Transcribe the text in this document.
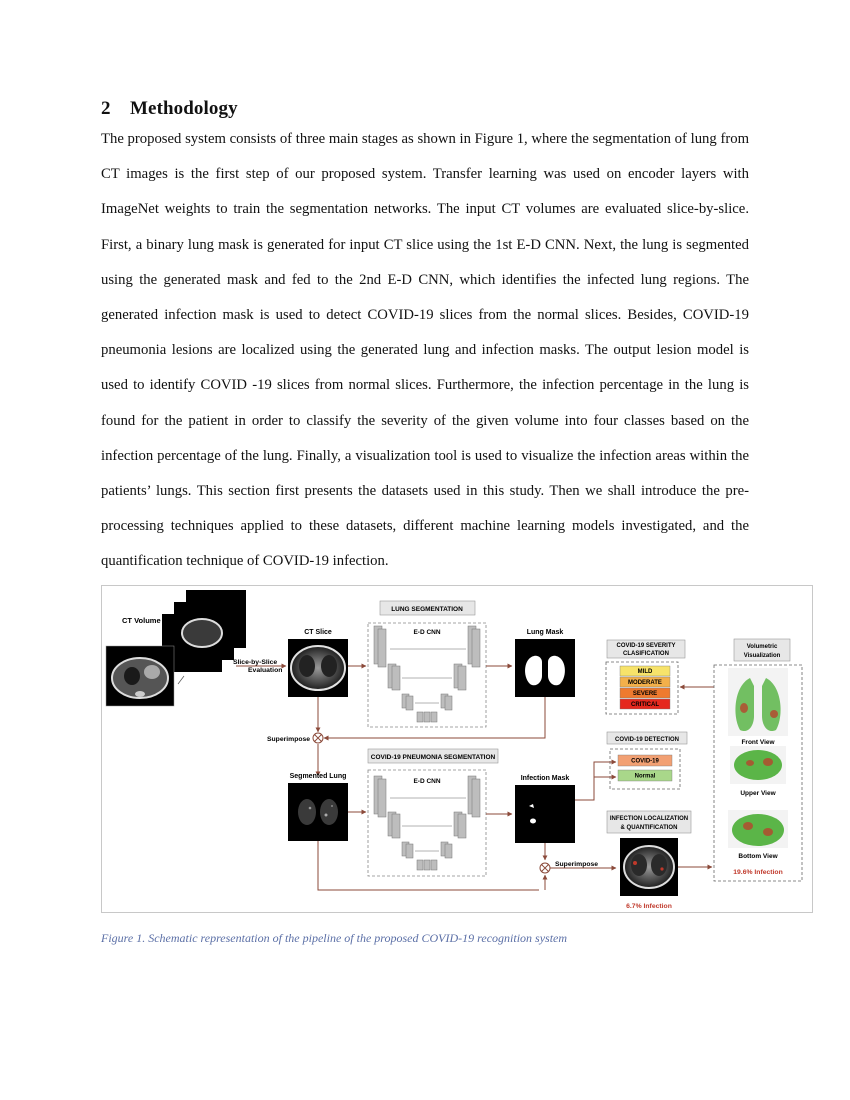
2 Methodology

The proposed system consists of three main stages as shown in Figure 1, where the segmentation of lung from CT images is the first step of our proposed system. Transfer learning was used on encoder layers with ImageNet weights to train the segmentation networks. The input CT volumes are evaluated slice-by-slice. First, a binary lung mask is generated for input CT slice using the 1st E-D CNN. Next, the lung is segmented using the generated mask and fed to the 2nd E-D CNN, which identifies the infected lung regions. The generated infection mask is used to detect COVID-19 slices from the normal slices. Besides, COVID-19 pneumonia lesions are localized using the generated lung and infection masks. The output lesion model is used to identify COVID -19 slices from normal slices. Furthermore, the infection percentage in the lung is found for the patient in order to classify the severity of the given volume into four classes based on the infection percentage of the lung. Finally, a visualization tool is used to visualize the infection areas within the patients’ lungs. This section first presents the datasets used in this study. Then we shall introduce the pre-processing techniques applied to these datasets, different machine learning models investigated, and the quantification technique of COVID-19 infection.

CT Volume
Slice-by-Slice
Evaluation
CT Slice
LUNG SEGMENTATION
E-D CNN	Lung Mask
Superimpose
Segmented Lung
COVID-19 PNEUMONIA SEGMENTATION
E-D CNN	Infection Mask
Superimpose
COVID-19 SEVERITY
CLASIFICATION
MILD
MODERATE
SEVERE
CRITICAL
COVID-19 DETECTION
COVID-19
Normal
INFECTION LOCALIZATION
& QUANTIFICATION
6.7% Infection
Volumetric
Visualization
Front View
Upper View
Bottom View
19.6% Infection

Figure 1. Schematic representation of the pipeline of the proposed COVID-19 recognition system
